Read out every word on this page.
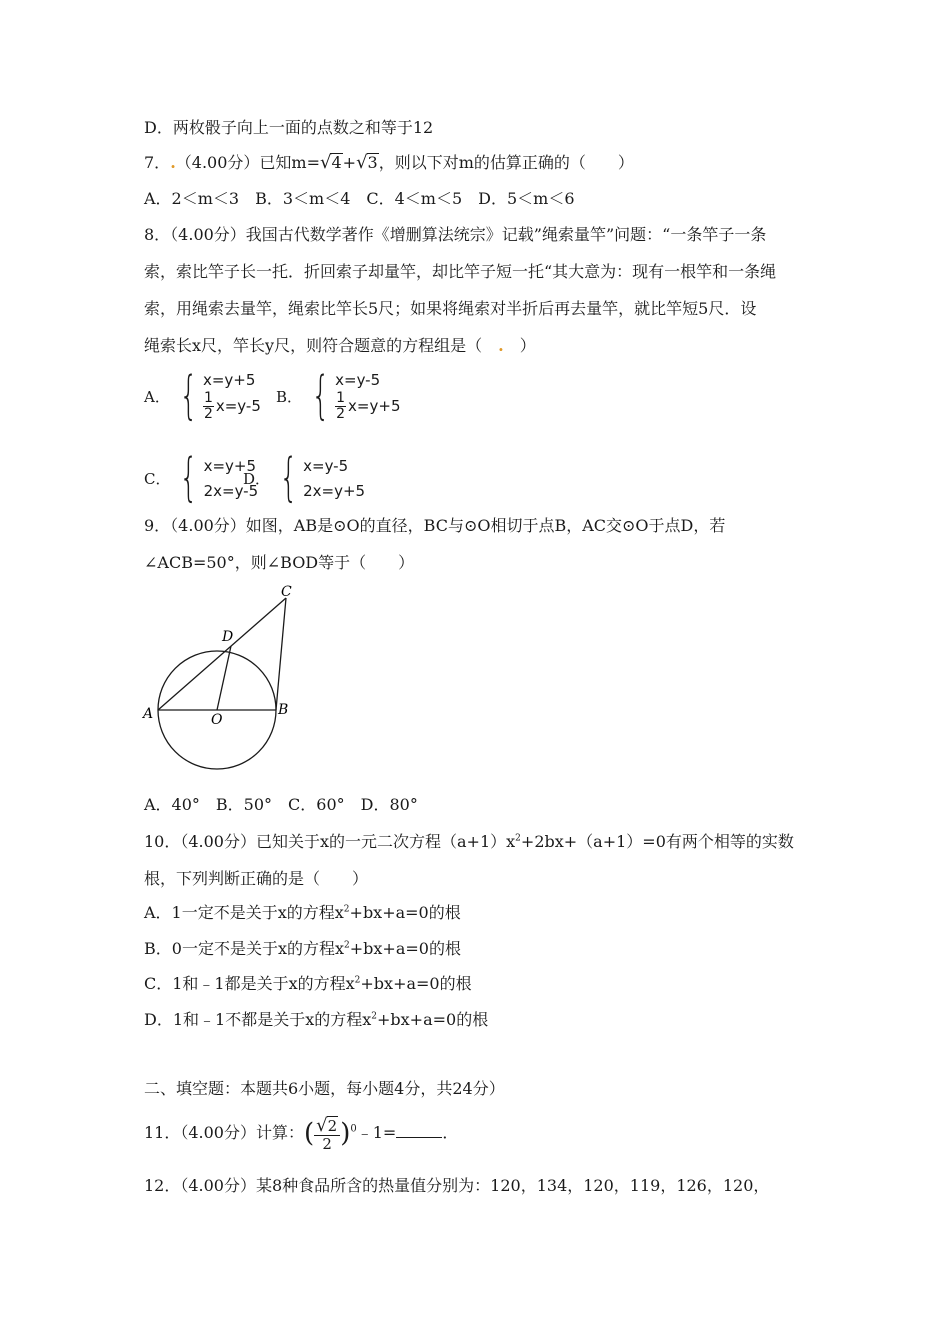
D．两枚骰子向上一面的点数之和等于12
7．.（4.00分）已知m=√4+√3，则以下对m的估算正确的（　　）
A．2＜m＜3　B．3＜m＜4　C．4＜m＜5　D．5＜m＜6
8．（4.00分）我国古代数学著作《增删算法统宗》记载”绳索量竿”问题：“一条竿子一条
索，索比竿子长一托．折回索子却量竿，却比竿子短一托“其大意为：现有一根竿和一条绳
索，用绳索去量竿，绳索比竿长5尺；如果将绳索对半折后再去量竿，就比竿短5尺．设
绳索长x尺，竿长y尺，则符合题意的方程组是（　 .　 ）
A． { x=y+5
$\frac{1}{2} x=y-5$
B． { x=y-5
$\frac{1}{2} x=y+5$
C． { x=y+5
2x=y-5
D． { x=y-5
2x=y+5
9．（4.00分）如图，AB是⊙O的直径，BC与⊙O相切于点B，AC交⊙O于点D，若
∠ACB=50°，则∠BOD等于（　　）
A	B
C
D
O
A．40°　B．50°　C．60°　D．80°
10．（4.00分）已知关于x的一元二次方程$(a+1)x^2+2bx+(a+1)=0$有两个相等的实数
根，下列判断正确的是（　　）
A．1一定不是关于x的方程$x^2+bx+a=0$的根
B．0一定不是关于x的方程$x^2+bx+a=0$的根
C．1和﹣1都是关于x的方程$x^2+bx+a=0$的根
D．1和﹣1不都是关于x的方程$x^2+bx+a=0$的根
二、填空题：本题共6小题，每小题4分，共24分）
11．（4.00分）计算：( $\frac{√2}{2}$ )$^0$﹣1=	．
12．（4.00分）某8种食品所含的热量值分别为：120，134，120，119，126，120，
